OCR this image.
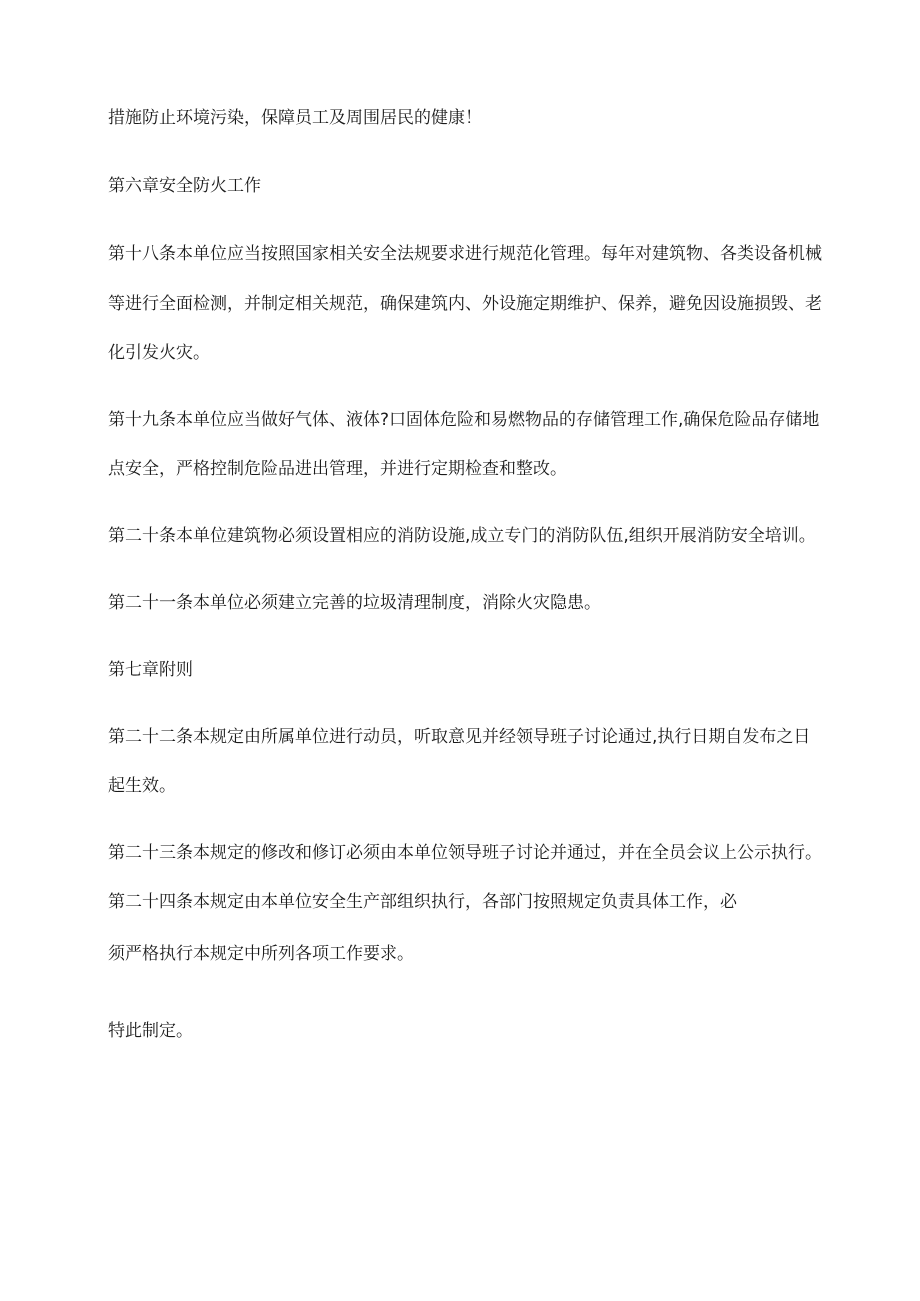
措施防止环境污染，保障员工及周围居民的健康！
第六章安全防火工作
第十八条本单位应当按照国家相关安全法规要求进行规范化管理。每年对建筑物、各类设备机械
等进行全面检测，并制定相关规范，确保建筑内、外设施定期维护、保养，避免因设施损毁、老
化引发火灾。
第十九条本单位应当做好气体、液体?口固体危险和易燃物品的存储管理工作,确保危险品存储地
点安全，严格控制危险品进出管理，并进行定期检查和整改。
第二十条本单位建筑物必须设置相应的消防设施,成立专门的消防队伍,组织开展消防安全培训。
第二十一条本单位必须建立完善的垃圾清理制度，消除火灾隐患。
第七章附则
第二十二条本规定由所属单位进行动员，听取意见并经领导班子讨论通过,执行日期自发布之日
起生效。
第二十三条本规定的修改和修订必须由本单位领导班子讨论并通过，并在全员会议上公示执行。
第二十四条本规定由本单位安全生产部组织执行，各部门按照规定负责具体工作，必
须严格执行本规定中所列各项工作要求。
特此制定。
